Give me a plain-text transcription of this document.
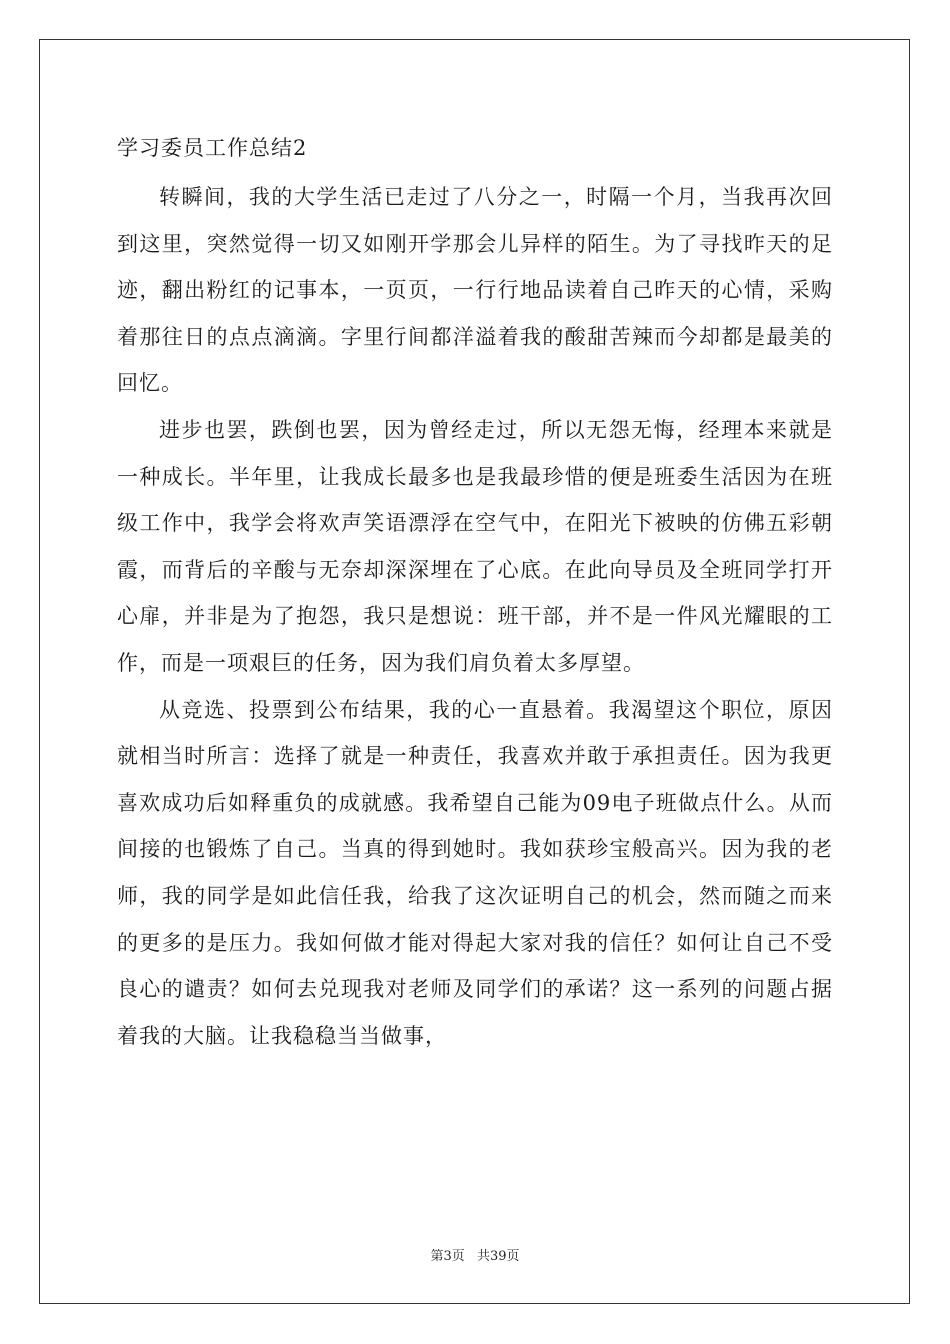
学习委员工作总结2

转瞬间，我的大学生活已走过了八分之一，时隔一个月，当我再次回到这里，突然觉得一切又如刚开学那会儿异样的陌生。为了寻找昨天的足迹，翻出粉红的记事本，一页页，一行行地品读着自己昨天的心情，采购着那往日的点点滴滴。字里行间都洋溢着我的酸甜苦辣而今却都是最美的回忆。

进步也罢，跌倒也罢，因为曾经走过，所以无怨无悔，经理本来就是一种成长。半年里，让我成长最多也是我最珍惜的便是班委生活因为在班级工作中，我学会将欢声笑语漂浮在空气中，在阳光下被映的仿佛五彩朝霞，而背后的辛酸与无奈却深深埋在了心底。在此向导员及全班同学打开心扉，并非是为了抱怨，我只是想说：班干部，并不是一件风光耀眼的工作，而是一项艰巨的任务，因为我们肩负着太多厚望。

从竞选、投票到公布结果，我的心一直悬着。我渴望这个职位，原因就相当时所言：选择了就是一种责任，我喜欢并敢于承担责任。因为我更喜欢成功后如释重负的成就感。我希望自己能为09电子班做点什么。从而间接的也锻炼了自己。当真的得到她时。我如获珍宝般高兴。因为我的老师，我的同学是如此信任我，给我了这次证明自己的机会，然而随之而来的更多的是压力。我如何做才能对得起大家对我的信任？如何让自己不受良心的谴责？如何去兑现我对老师及同学们的承诺？这一系列的问题占据着我的大脑。让我稳稳当当做事，

第3页 共39页
